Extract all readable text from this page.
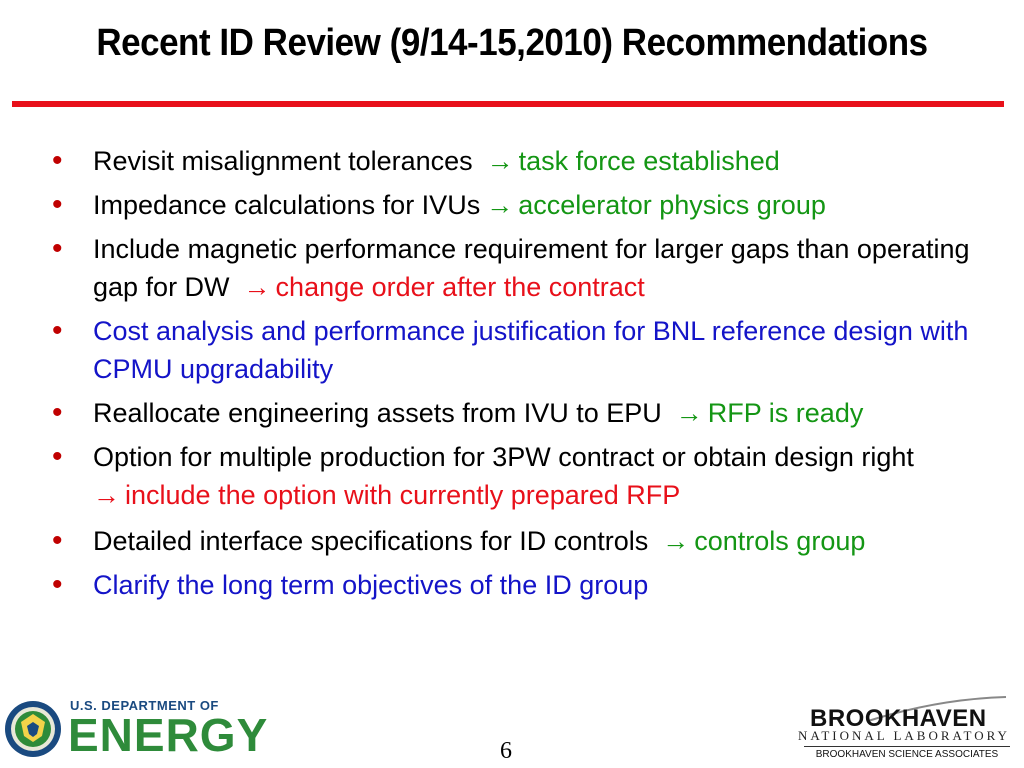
Recent ID Review (9/14-15,2010) Recommendations
• Revisit misalignment tolerances → task force established
• Impedance calculations for IVUs → accelerator physics group
• Include magnetic performance requirement for larger gaps than operating gap for DW → change order after the contract
• Cost analysis and performance justification for BNL reference design with CPMU upgradability
• Reallocate engineering assets from IVU to EPU → RFP is ready
• Option for multiple production for 3PW contract or obtain design right
→ include the option with currently prepared RFP
• Detailed interface specifications for ID controls → controls group
• Clarify the long term objectives of the ID group
U.S. DEPARTMENT OF
ENERGY	6
BROOKHAVEN
NATIONAL LABORATORY
BROOKHAVEN SCIENCE ASSOCIATES
